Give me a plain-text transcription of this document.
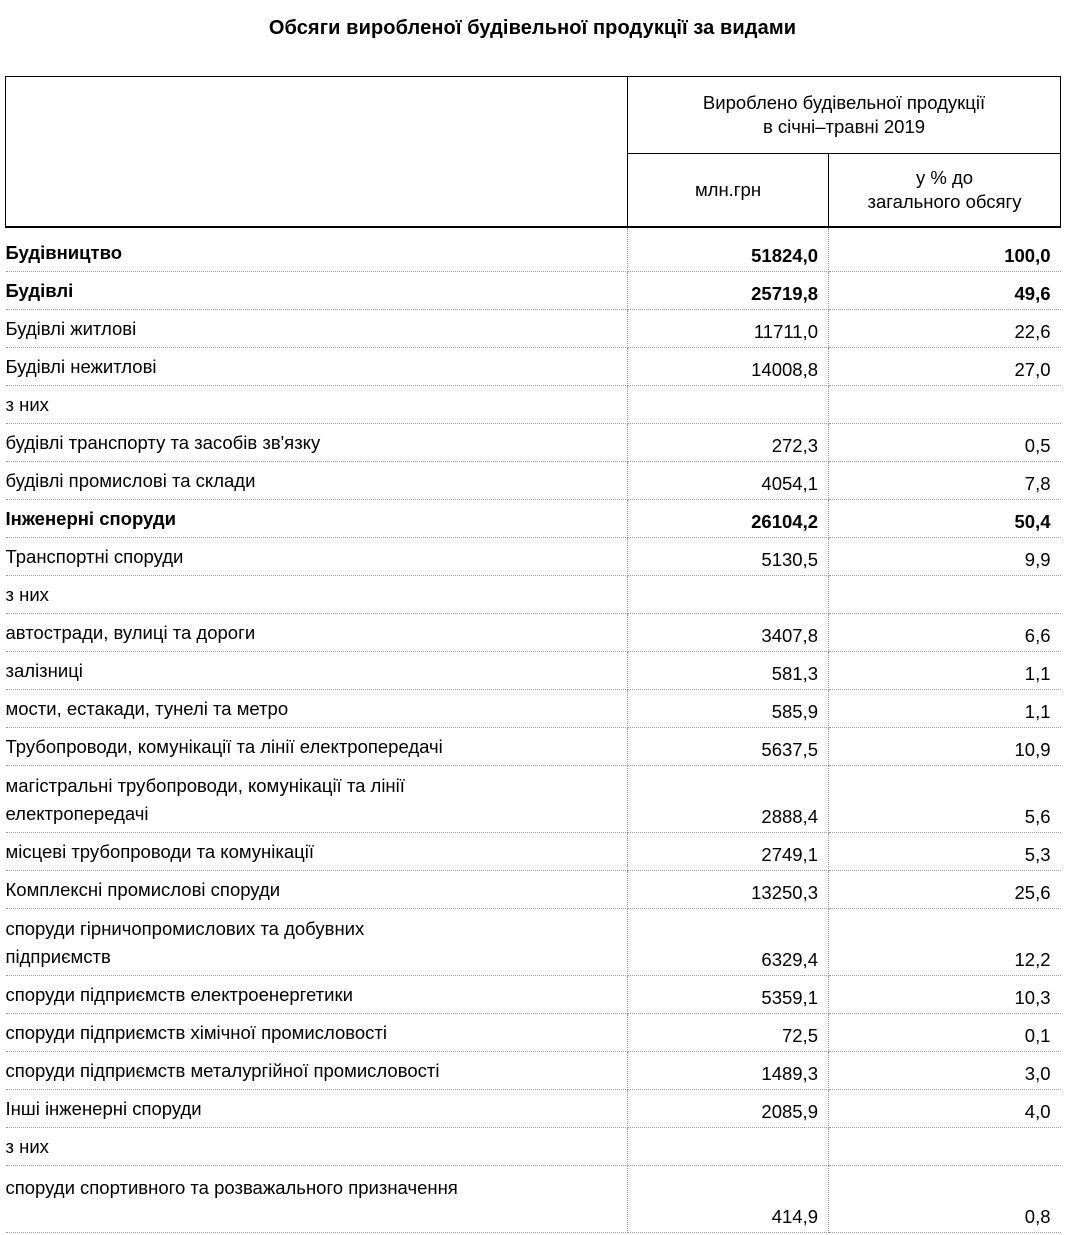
Обсяги виробленої будівельної продукції за видами

	Вироблено будівельної продукції
в січні–травні 2019	

	млн.грн	у % до
загального обсягу

Будівництво	51824,0	100,0
Будівлі	25719,8	49,6
Будівлі житлові	11711,0	22,6
Будівлі нежитлові	14008,8	27,0
з них		
будівлі транспорту та засобів зв'язку	272,3	0,5
будівлі промислові та склади	4054,1	7,8
Інженерні споруди	26104,2	50,4
Транспортні споруди	5130,5	9,9
з них		
автостради, вулиці та дороги	3407,8	6,6
залізниці	581,3	1,1
мости, естакади, тунелі та метро	585,9	1,1
Трубопроводи, комунікації та лінії електропередачі	5637,5	10,9

магістральні трубопроводи, комунікації та лінії
електропередачі	2888,4	5,6
місцеві трубопроводи та комунікації	2749,1	5,3
Комплексні промислові споруди	13250,3	25,6

споруди гірничопромислових та добувних
підприємств	6329,4	12,2
споруди підприємств електроенергетики	5359,1	10,3
споруди підприємств хімічної промисловості	72,5	0,1
споруди підприємств металургійної промисловості	1489,3	3,0
Інші інженерні споруди	2085,9	4,0
з них		
споруди спортивного та розважального призначення	414,9	0,8
